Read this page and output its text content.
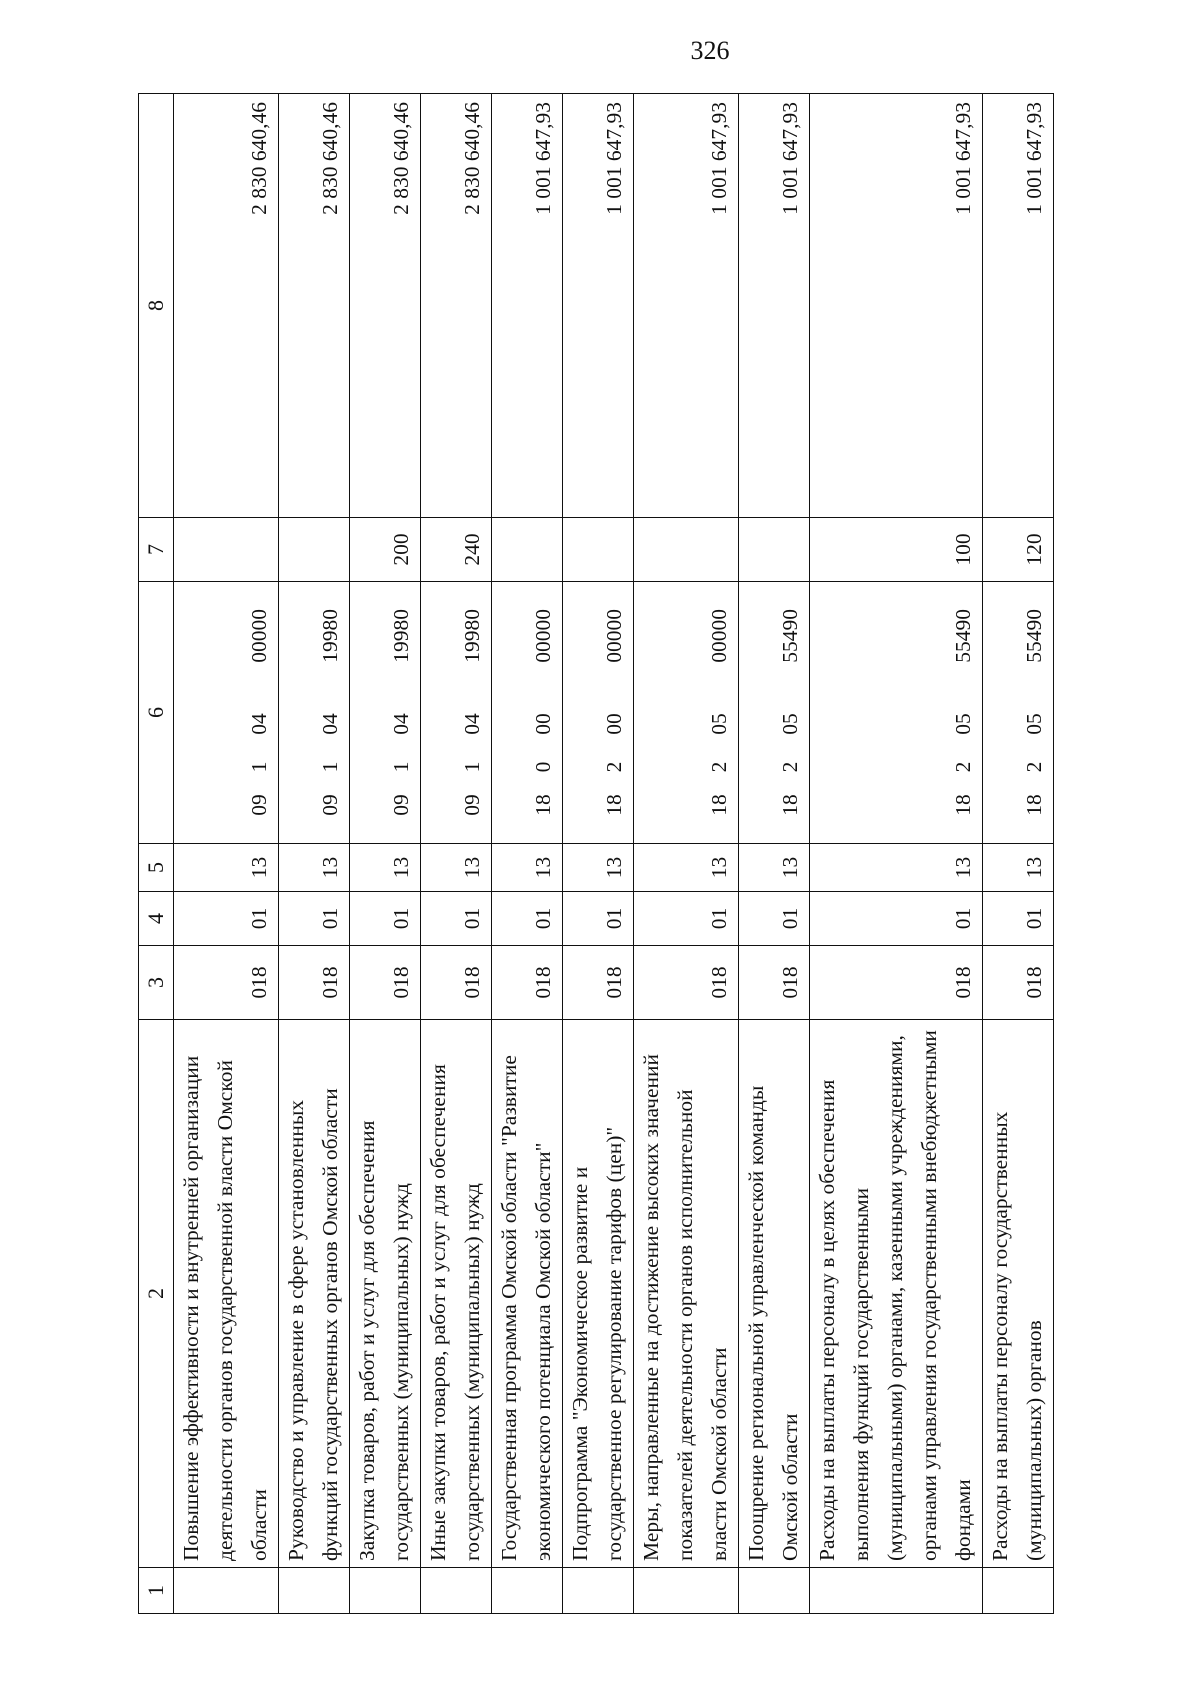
326
1	2	3	4	5	6	7	8
	Повышение эффективности и внутренней организации деятельности органов государственной власти Омской области	018	01	13	0910400000		2 830 640,46
	Руководство и управление в сфере установленных функций государственных органов Омской области	018	01	13	0910419980		2 830 640,46
	Закупка товаров, работ и услуг для обеспечения государственных (муниципальных) нужд	018	01	13	0910419980	200	2 830 640,46
	Иные закупки товаров, работ и услуг для обеспечения государственных (муниципальных) нужд	018	01	13	0910419980	240	2 830 640,46
	Государственная программа Омской области "Развитие экономического потенциала Омской области"	018	01	13	1800000000		1 001 647,93
	Подпрограмма "Экономическое развитие и государственное регулирование тарифов (цен)"	018	01	13	1820000000		1 001 647,93
	Меры, направленные на достижение высоких значений показателей деятельности органов исполнительной власти Омской области	018	01	13	1820500000		1 001 647,93
	Поощрение региональной управленческой команды Омской области	018	01	13	1820555490		1 001 647,93
	Расходы на выплаты персоналу в целях обеспечения выполнения функций государственными (муниципальными) органами, казенными учреждениями, органами управления государственными внебюджетными фондами	018	01	13	1820555490	100	1 001 647,93
	Расходы на выплаты персоналу государственных (муниципальных) органов	018	01	13	1820555490	120	1 001 647,93
